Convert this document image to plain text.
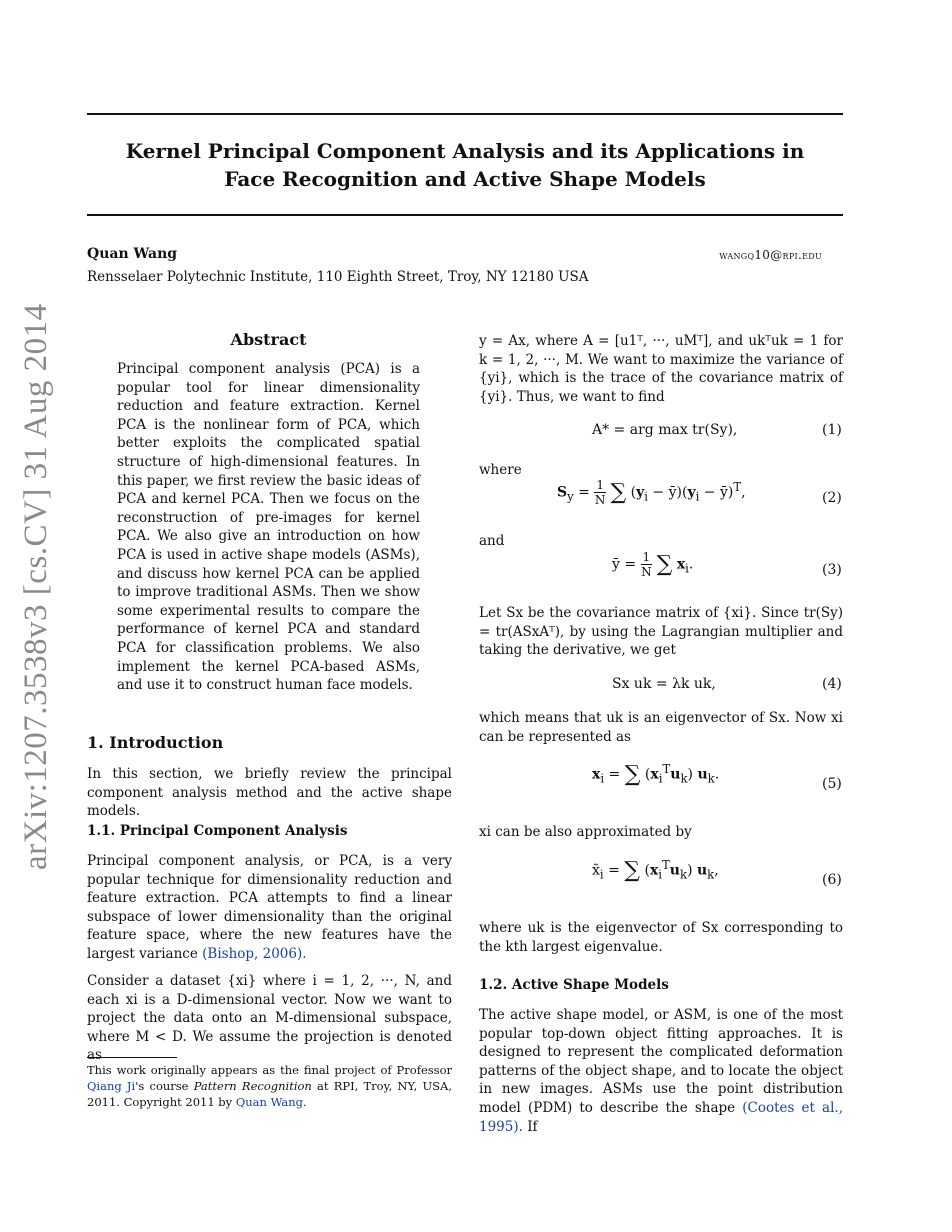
Kernel Principal Component Analysis and its Applications in
Face Recognition and Active Shape Models
Quan Wang	wangq10@rpi.edu
Rensselaer Polytechnic Institute, 110 Eighth Street, Troy, NY 12180 USA
arXiv:1207.3538v3 [cs.CV] 31 Aug 2014	Abstract
Principal component analysis (PCA) is a popular tool for linear dimensionality reduction and feature extraction. Kernel PCA is the nonlinear form of PCA, which better exploits the complicated spatial structure of high-dimensional features. In this paper, we first review the basic ideas of PCA and kernel PCA. Then we focus on the reconstruction of pre-images for kernel PCA. We also give an introduction on how PCA is used in active shape models (ASMs), and discuss how kernel PCA can be applied to improve traditional ASMs. Then we show some experimental results to compare the performance of kernel PCA and standard PCA for classification problems. We also implement the kernel PCA-based ASMs, and use it to construct human face models.
1. Introduction
In this section, we briefly review the principal component analysis method and the active shape models.
1.1. Principal Component Analysis
Principal component analysis, or PCA, is a very popular technique for dimensionality reduction and feature extraction. PCA attempts to find a linear subspace of lower dimensionality than the original feature space, where the new features have the largest variance (Bishop, 2006).
Consider a dataset {xi} where i = 1, 2, ···, N, and each xi is a D-dimensional vector. Now we want to project the data onto an M-dimensional subspace, where M < D. We assume the projection is denoted as
This work originally appears as the final project of Professor Qiang Ji's course Pattern Recognition at RPI, Troy, NY, USA, 2011. Copyright 2011 by Quan Wang.
y = Ax, where A = [u1ᵀ, ···, uMᵀ], and ukᵀuk = 1 for k = 1, 2, ···, M. We want to maximize the variance of {yi}, which is the trace of the covariance matrix of {yi}. Thus, we want to find
A* = arg max tr(Sy),	(1)
where
$S_y = \frac{1}{N}$ ∑ ($y_i$ − $ȳ)(y_i$ − ȳ)$^T$,	(2)
and
ȳ = $\frac{1}{N}$ ∑ $x_i$.	(3)
Let Sx be the covariance matrix of {xi}. Since tr(Sy) = tr(ASxAᵀ), by using the Lagrangian multiplier and taking the derivative, we get
Sx uk = λk uk,	(4)
which means that uk is an eigenvector of Sx. Now xi can be represented as
$x_i$ = ∑ $(x_i^Tu_k)$ $u_k$.
(5)
xi can be also approximated by
$x̃_i$ = ∑ $(x_i^Tu_k)$ $u_k$,
(6)
where uk is the eigenvector of Sx corresponding to the kth largest eigenvalue.
1.2. Active Shape Models
The active shape model, or ASM, is one of the most popular top-down object fitting approaches. It is designed to represent the complicated deformation patterns of the object shape, and to locate the object in new images. ASMs use the point distribution model (PDM) to describe the shape (Cootes et al., 1995). If
